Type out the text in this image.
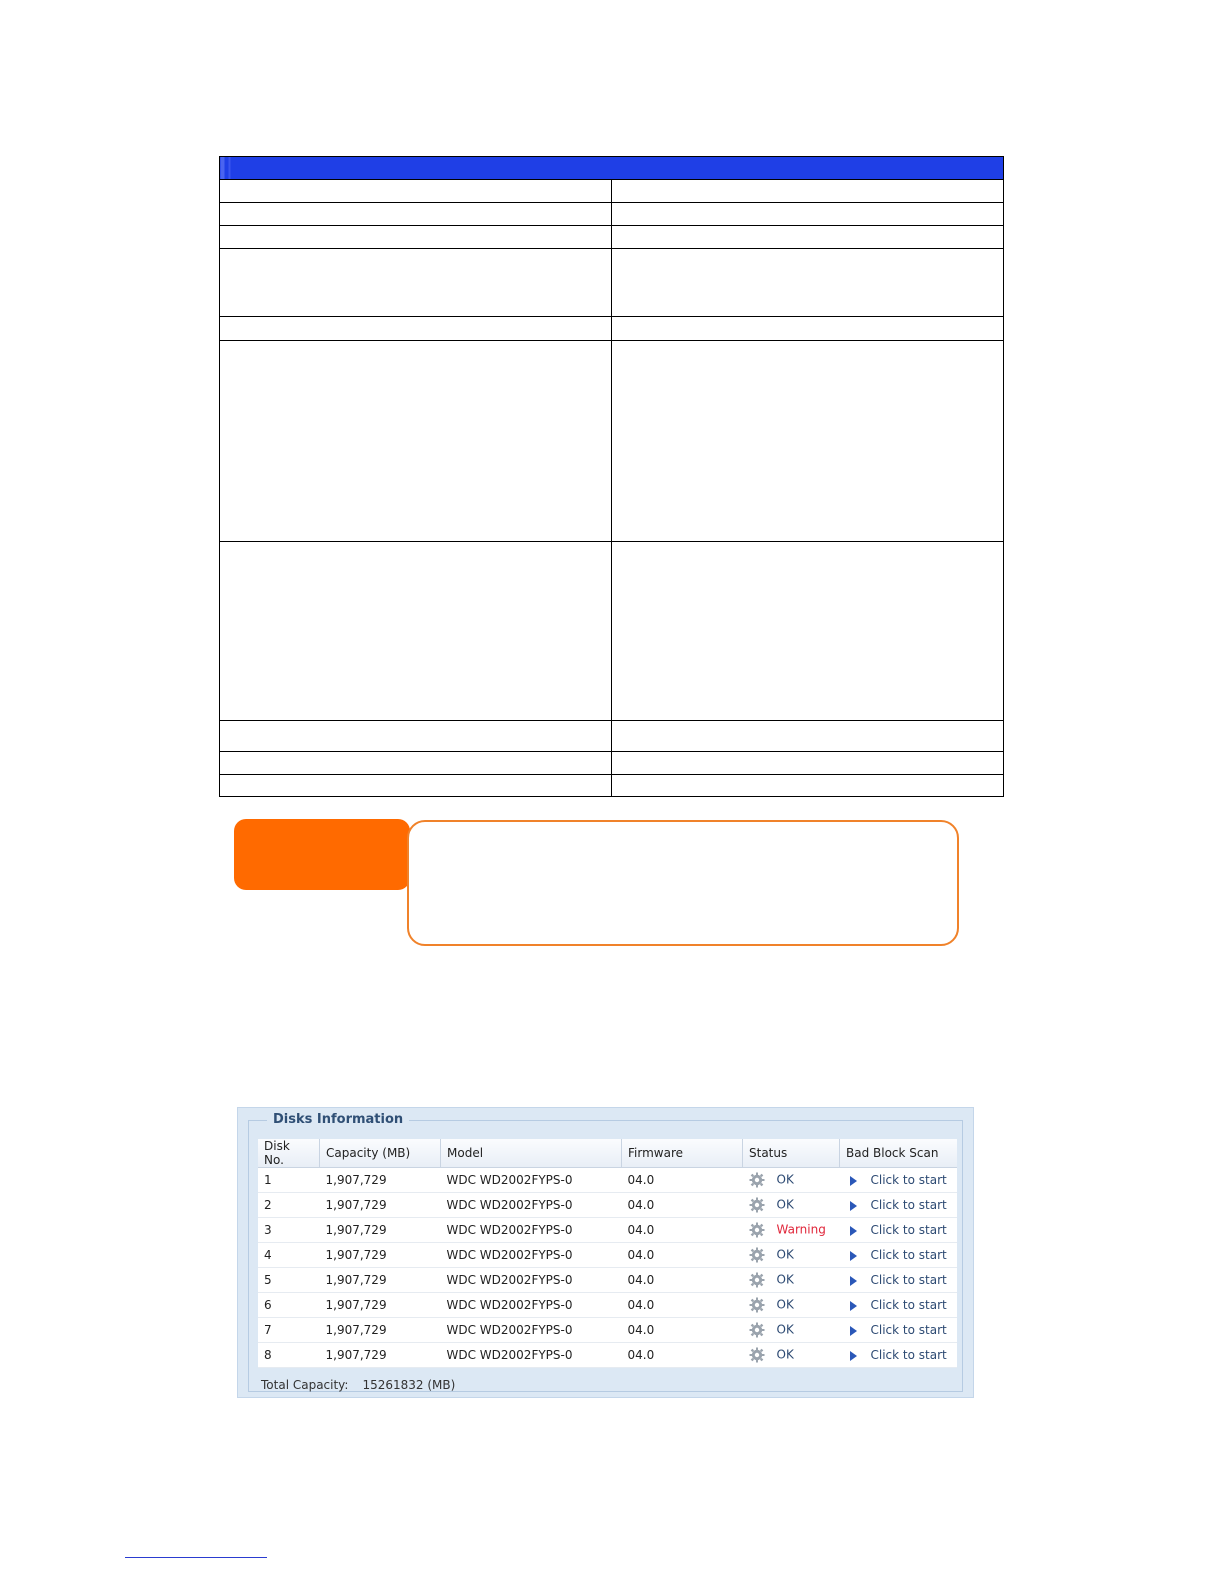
Disks Information
Disk No.	Capacity (MB)	Model	Firmware	Status	Bad Block Scan
1	1,907,729	WDC WD2002FYPS-0	04.0	OK	Click to start
2	1,907,729	WDC WD2002FYPS-0	04.0	OK	Click to start
3	1,907,729	WDC WD2002FYPS-0	04.0	Warning	Click to start
4	1,907,729	WDC WD2002FYPS-0	04.0	OK	Click to start
5	1,907,729	WDC WD2002FYPS-0	04.0	OK	Click to start
6	1,907,729	WDC WD2002FYPS-0	04.0	OK	Click to start
7	1,907,729	WDC WD2002FYPS-0	04.0	OK	Click to start
8	1,907,729	WDC WD2002FYPS-0	04.0	OK	Click to start
Total Capacity: 15261832 (MB)
